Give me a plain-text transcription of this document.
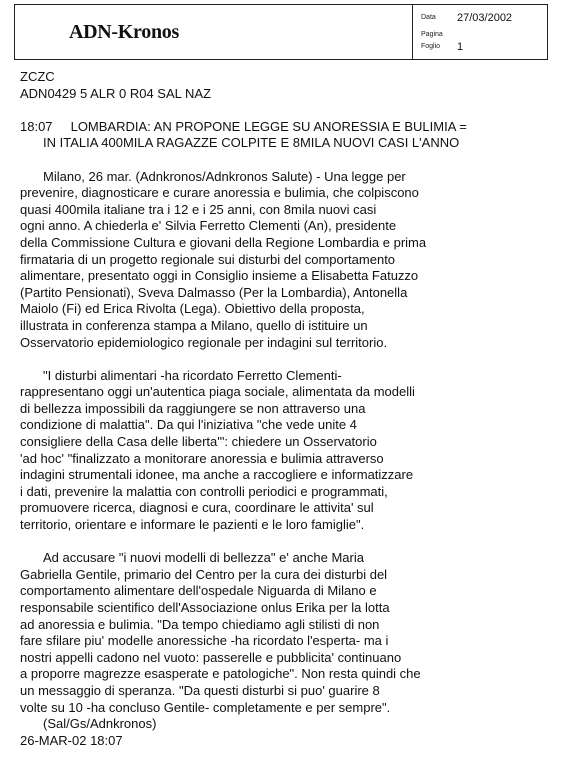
ADN-Kronos
Data 27/03/2002
Pagina
Foglio 1
ZCZC
ADN0429 5 ALR 0 R04 SAL NAZ
18:07     LOMBARDIA: AN PROPONE LEGGE SU ANORESSIA E BULIMIA =
IN ITALIA 400MILA RAGAZZE COLPITE E 8MILA NUOVI CASI L'ANNO
Milano, 26 mar. (Adnkronos/Adnkronos Salute) - Una legge per
prevenire, diagnosticare e curare anoressia e bulimia, che colpiscono
quasi 400mila italiane tra i 12 e i 25 anni, con 8mila nuovi casi
ogni anno. A chiederla e' Silvia Ferretto Clementi (An), presidente
della Commissione Cultura e giovani della Regione Lombardia e prima
firmataria di un progetto regionale sui disturbi del comportamento
alimentare, presentato oggi in Consiglio insieme a Elisabetta Fatuzzo
(Partito Pensionati), Sveva Dalmasso (Per la Lombardia), Antonella
Maiolo (Fi) ed Erica Rivolta (Lega). Obiettivo della proposta,
illustrata in conferenza stampa a Milano, quello di istituire un
Osservatorio epidemiologico regionale per indagini sul territorio.
"I disturbi alimentari -ha ricordato Ferretto Clementi-
rappresentano oggi un'autentica piaga sociale, alimentata da modelli
di bellezza impossibili da raggiungere se non attraverso una
condizione di malattia". Da qui l'iniziativa "che vede unite 4
consigliere della Casa delle liberta'": chiedere un Osservatorio
'ad hoc' "finalizzato a monitorare anoressia e bulimia attraverso
indagini strumentali idonee, ma anche a raccogliere e informatizzare
i dati, prevenire la malattia con controlli periodici e programmati,
promuovere ricerca, diagnosi e cura, coordinare le attivita' sul
territorio, orientare e informare le pazienti e le loro famiglie".
Ad accusare "i nuovi modelli di bellezza" e' anche Maria
Gabriella Gentile, primario del Centro per la cura dei disturbi del
comportamento alimentare dell'ospedale Niguarda di Milano e
responsabile scientifico dell'Associazione onlus Erika per la lotta
ad anoressia e bulimia. "Da tempo chiediamo agli stilisti di non
fare sfilare piu' modelle anoressiche -ha ricordato l'esperta- ma i
nostri appelli cadono nel vuoto: passerelle e pubblicita' continuano
a proporre magrezze esasperate e patologiche". Non resta quindi che
un messaggio di speranza. "Da questi disturbi si puo' guarire 8
volte su 10 -ha concluso Gentile- completamente e per sempre".
(Sal/Gs/Adnkronos)
26-MAR-02 18:07
